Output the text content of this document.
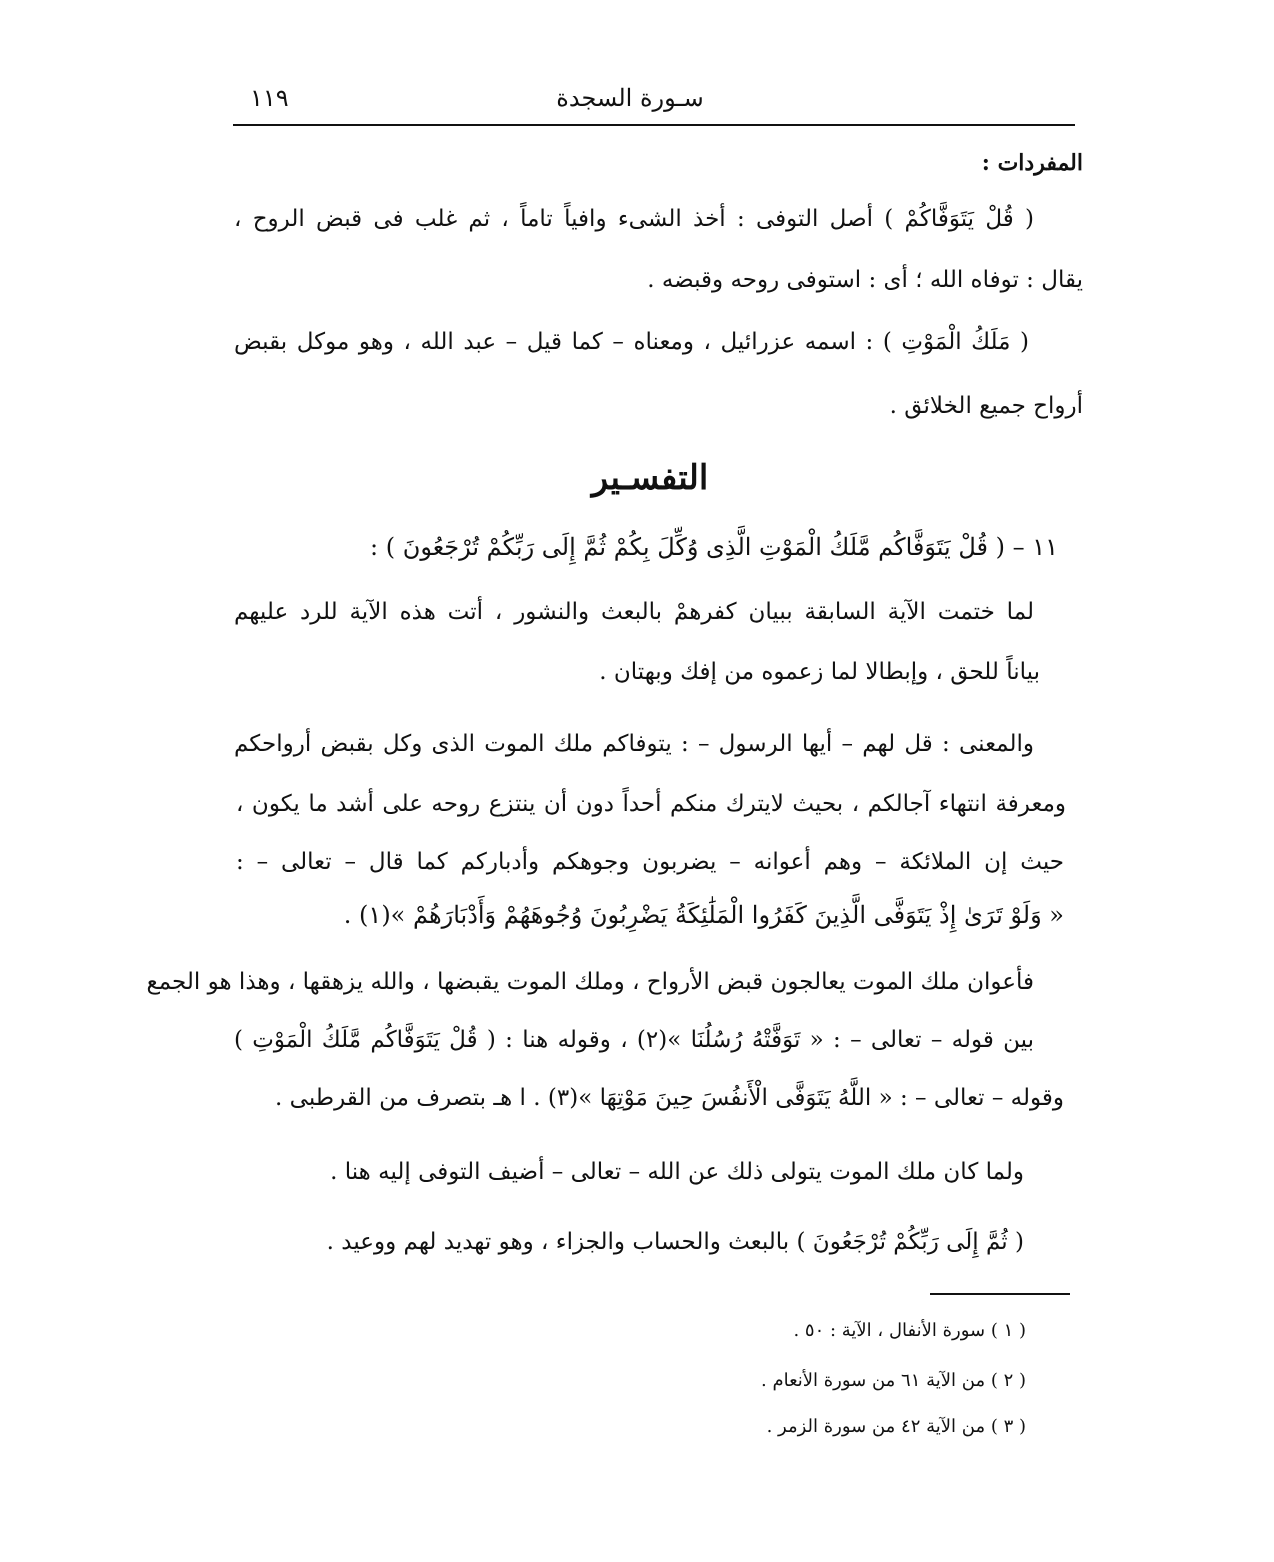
١١٩	سـورة السجدة
المفردات :
( قُلْ يَتَوَفَّاكُمْ ) أصل التوفى : أخذ الشىء وافياً تاماً ، ثم غلب فى قبض الروح ،
يقال : توفاه الله ؛ أى : استوفى روحه وقبضه .
( مَلَكُ الْمَوْتِ ) : اسمه عزرائيل ، ومعناه – كما قيل – عبد الله ، وهو موكل بقبض
أرواح جميع الخلائق .
التفسـير
١١ – ( قُلْ يَتَوَفَّاكُم مَّلَكُ الْمَوْتِ الَّذِى وُكِّلَ بِكُمْ ثُمَّ إِلَى رَبِّكُمْ تُرْجَعُونَ ) :
لما ختمت الآية السابقة ببيان كفرهمْ بالبعث والنشور ، أتت هذه الآية للرد عليهم
بياناً للحق ، وإبطالا لما زعموه من إفك وبهتان .
والمعنى : قل لهم – أيها الرسول – : يتوفاكم ملك الموت الذى وكل بقبض أرواحكم
ومعرفة انتهاء آجالكم ، بحيث لايترك منكم أحداً دون أن ينتزع روحه على أشد ما يكون ،
حيث إن الملائكة – وهم أعوانه – يضربون وجوهكم وأدباركم كما قال – تعالى – :
« وَلَوْ تَرَىٰ إِذْ يَتَوَفَّى الَّذِينَ كَفَرُوا الْمَلَٰئِكَةُ يَضْرِبُونَ وُجُوهَهُمْ وَأَدْبَارَهُمْ »(١) .
فأعوان ملك الموت يعالجون قبض الأرواح ، وملك الموت يقبضها ، والله يزهقها ، وهذا هو الجمع
بين قوله – تعالى – : « تَوَفَّتْهُ رُسُلُنَا »(٢) ، وقوله هنا : ( قُلْ يَتَوَفَّاكُم مَّلَكُ الْمَوْتِ )
وقوله – تعالى – : « اللَّهُ يَتَوَفَّى الْأَنفُسَ حِينَ مَوْتِهَا »(٣) . ا هـ بتصرف من القرطبى .
ولما كان ملك الموت يتولى ذلك عن الله – تعالى – أضيف التوفى إليه هنا .
( ثُمَّ إِلَى رَبِّكُمْ تُرْجَعُونَ ) بالبعث والحساب والجزاء ، وهو تهديد لهم ووعيد .
( ١ ) سورة الأنفال ، الآية : ٥٠ .
( ٢ ) من الآية ٦١ من سورة الأنعام .
( ٣ ) من الآية ٤٢ من سورة الزمر .
